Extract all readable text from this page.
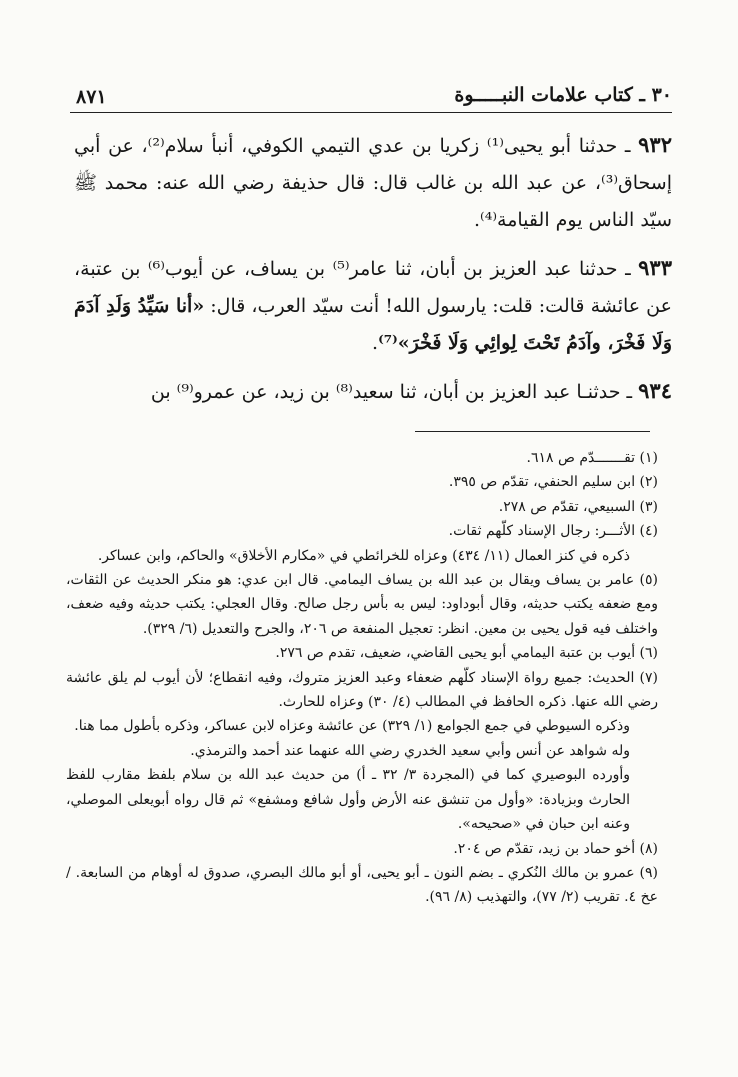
٨٧١	٣٠ ـ كتاب علامات النبـــــوة

٩٣٢ ـ حدثنا أبو يحيى⁽¹⁾ زكريا بن عدي التيمي الكوفي، أنبأ سلام⁽²⁾، عن أبي إسحاق⁽³⁾، عن عبد الله بن غالب قال: قال حذيفة رضي الله عنه: محمد ﷺ سيّد الناس يوم القيامة⁽⁴⁾.

٩٣٣ ـ حدثنا عبد العزيز بن أبان، ثنا عامر⁽⁵⁾ بن يساف، عن أيوب⁽⁶⁾ بن عتبة، عن عائشة قالت: قلت: يارسول الله! أنت سيّد العرب، قال: «أنا سَيِّدُ وَلَدِ آدَمَ وَلَا فَخْرَ، وآدَمُ تَحْتَ لِوائِي وَلَا فَخْرَ»⁽⁷⁾.

٩٣٤ ـ حدثنـا عبد العزيز بن أبان، ثنا سعيد⁽⁸⁾ بن زيد، عن عمرو⁽⁹⁾ بن

(١) تقـــــــدّم ص ٦١٨.

(٢) ابن سليم الحنفي، تقدّم ص ٣٩٥.

(٣) السبيعي، تقدّم ص ٢٧٨.

(٤) الأثـــر: رجال الإسناد كلّهم ثقات.

ذكره في كنز العمال (١١/ ٤٣٤) وعزاه للخرائطي في «مكارم الأخلاق» والحاكم، وابن عساكر.

(٥) عامر بن يساف ويقال بن عبد الله بن يساف اليمامي. قال ابن عدي: هو منكر الحديث عن الثقات، ومع ضعفه يكتب حديثه، وقال أبوداود: ليس به بأس رجل صالح. وقال العجلي: يكتب حديثه وفيه ضعف، واختلف فيه قول يحيى بن معين. انظر: تعجيل المنفعة ص ٢٠٦، والجرح والتعديل (٦/ ٣٢٩).

(٦) أيوب بن عتبة اليمامي أبو يحيى القاضي، ضعيف، تقدم ص ٢٧٦.

(٧) الحديث: جميع رواة الإسناد كلّهم ضعفاء وعبد العزيز متروك، وفيه انقطاع؛ لأن أيوب لم يلق عائشة رضي الله عنها. ذكره الحافظ في المطالب (٤/ ٣٠) وعزاه للحارث.

وذكره السيوطي في جمع الجوامع (١/ ٣٢٩) عن عائشة وعزاه لابن عساكر، وذكره بأطول مما هنا.

وله شواهد عن أنس وأبي سعيد الخدري رضي الله عنهما عند أحمد والترمذي.

وأورده البوصيري كما في (المجردة ٣/ ٣٢ ـ أ) من حديث عبد الله بن سلام بلفظ مقارب للفظ الحارث وبزيادة: «وأول من تنشق عنه الأرض وأول شافع ومشفع» ثم قال رواه أبويعلى الموصلي، وعنه ابن حبان في «صحيحه».

(٨) أخو حماد بن زيد، تقدّم ص ٢٠٤.

(٩) عمرو بن مالك النُكري ـ بضم النون ـ أبو يحيى، أو أبو مالك البصري، صدوق له أوهام من السابعة. /عخ ٤. تقريب (٢/ ٧٧)، والتهذيب (٨/ ٩٦).
